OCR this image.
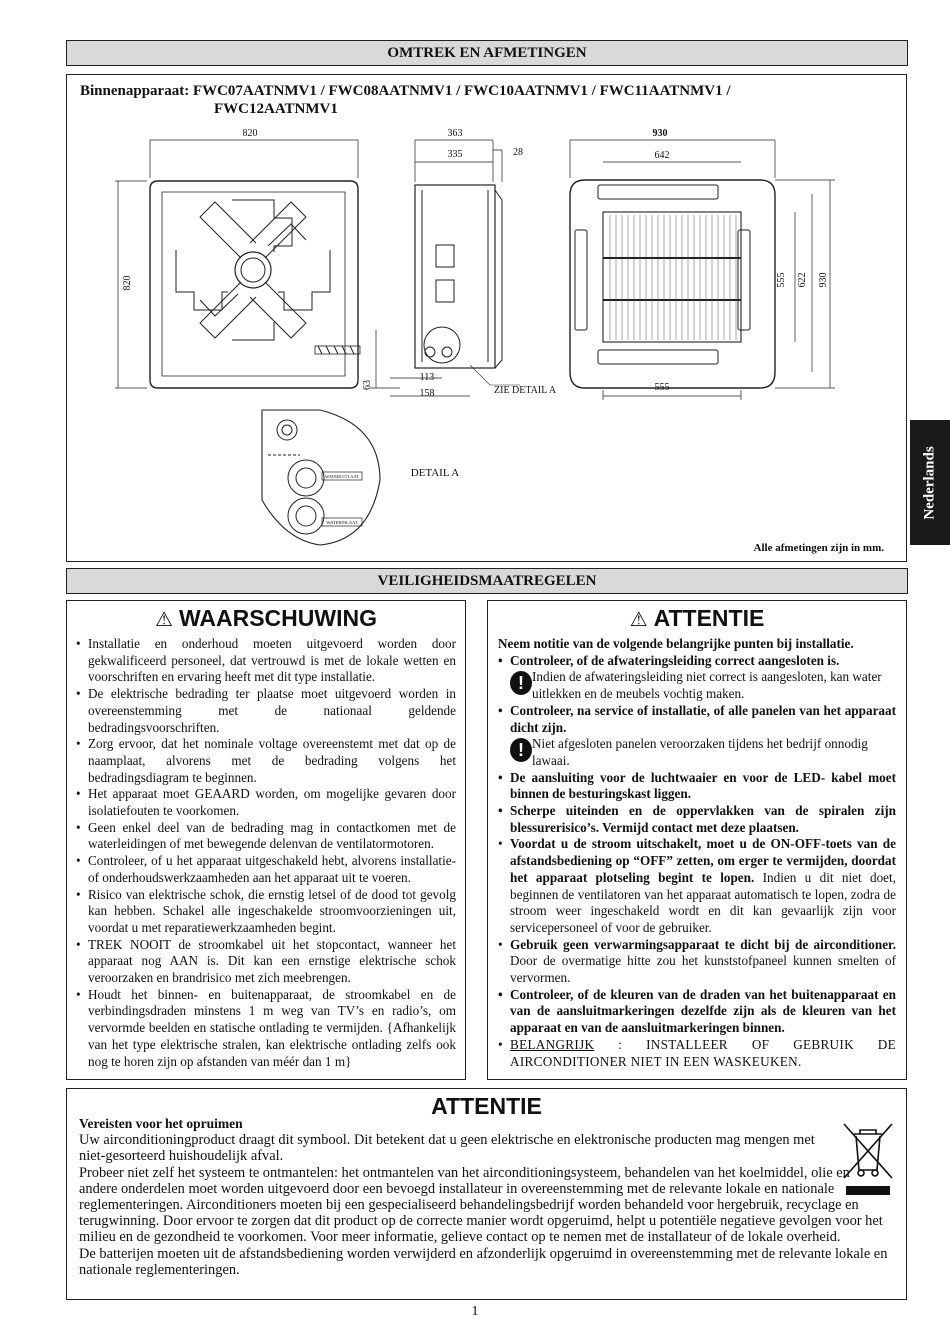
OMTREK EN AFMETINGEN
Binnenapparaat: FWC07AATNMV1 / FWC08AATNMV1 / FWC10AATNMV1 / FWC11AATNMV1 /
FWC12AATNMV1
820
820
363
335	28
63
113
158	ZIE DETAIL A
930
642
555 622 930
555
DETAIL A
WATERUITLAAT
WATERINLAAT
Alle afmetingen zijn in mm.
Nederlands
VEILIGHEIDSMAATREGELEN
⚠ WAARSCHUWING
• Installatie en onderhoud moeten uitgevoerd worden door gekwalificeerd personeel, dat vertrouwd is met de lokale wetten en voorschriften en ervaring heeft met dit type installatie.
• De elektrische bedrading ter plaatse moet uitgevoerd worden in overeenstemming met de nationaal geldende bedradingsvoorschriften.
• Zorg ervoor, dat het nominale voltage overeenstemt met dat op de naamplaat, alvorens met de bedrading volgens het bedradingsdiagram te beginnen.
• Het apparaat moet GEAARD worden, om mogelijke gevaren door isolatiefouten te voorkomen.
• Geen enkel deel van de bedrading mag in contactkomen met de waterleidingen of met bewegende delenvan de ventilatormotoren.
• Controleer, of u het apparaat uitgeschakeld hebt, alvorens installatie- of onderhoudswerkzaamheden aan het apparaat uit te voeren.
• Risico van elektrische schok, die ernstig letsel of de dood tot gevolg kan hebben. Schakel alle ingeschakelde stroomvoorzieningen uit, voordat u met reparatiewerkzaamheden begint.
• TREK NOOIT de stroomkabel uit het stopcontact, wanneer het apparaat nog AAN is. Dit kan een ernstige elektrische schok veroorzaken en brandrisico met zich meebrengen.
• Houdt het binnen- en buitenapparaat, de stroomkabel en de verbindingsdraden minstens 1 m weg van TV’s en radio’s, om vervormde beelden en statische ontlading te vermijden. {Afhankelijk van het type elektrische stralen, kan elektrische ontlading zelfs ook nog te horen zijn op afstanden van méér dan 1 m}
⚠ ATTENTIE
Neem notitie van de volgende belangrijke punten bij installatie.
• Controleer, of de afwateringsleiding correct aangesloten is.
! Indien de afwateringsleiding niet correct is aangesloten, kan water uitlekken en de meubels vochtig maken.
• Controleer, na service of installatie, of alle panelen van het apparaat dicht zijn.
! Niet afgesloten panelen veroorzaken tijdens het bedrijf onnodig lawaai.
• De aansluiting voor de luchtwaaier en voor de LED- kabel moet binnen de besturingskast liggen.
• Scherpe uiteinden en de oppervlakken van de spiralen zijn blessurerisico’s. Vermijd contact met deze plaatsen.
• Voordat u de stroom uitschakelt, moet u de ON-OFF-toets van de afstandsbediening op “OFF” zetten, om erger te vermijden, doordat het apparaat plotseling begint te lopen. Indien u dit niet doet, beginnen de ventilatoren van het apparaat automatisch te lopen, zodra de stroom weer ingeschakeld wordt en dit kan gevaarlijk zijn voor servicepersoneel of voor de gebruiker.
• Gebruik geen verwarmingsapparaat te dicht bij de airconditioner. Door de overmatige hitte zou het kunststofpaneel kunnen smelten of vervormen.
• Controleer, of de kleuren van de draden van het buitenapparaat en van de aansluitmarkeringen dezelfde zijn als de kleuren van het apparaat en van de aansluitmarkeringen binnen.
• BELANGRIJK : INSTALLEER OF GEBRUIK DE AIRCONDITIONER NIET IN EEN WASKEUKEN.
ATTENTIE

Vereisten voor het opruimen

Uw airconditioningproduct draagt dit symbool. Dit betekent dat u geen elektrische en elektronische producten mag mengen met niet-gesorteerd huishoudelijk afval.

Probeer niet zelf het systeem te ontmantelen: het ontmantelen van het airconditioningsysteem, behandelen van het koelmiddel, olie en andere onderdelen moet worden uitgevoerd door een bevoegd installateur in overeenstemming met de relevante lokale en nationale reglementeringen. Airconditioners moeten bij een gespecialiseerd behandelingsbedrijf worden behandeld voor hergebruik, recyclage en terugwinning. Door ervoor te zorgen dat dit product op de correcte manier wordt opgeruimd, helpt u potentiële negatieve gevolgen voor het milieu en de gezondheid te voorkomen. Voor meer informatie, gelieve contact op te nemen met de installateur of de lokale overheid.

De batterijen moeten uit de afstandsbediening worden verwijderd en afzonderlijk opgeruimd in overeenstemming met de relevante lokale en nationale reglementeringen.

1
